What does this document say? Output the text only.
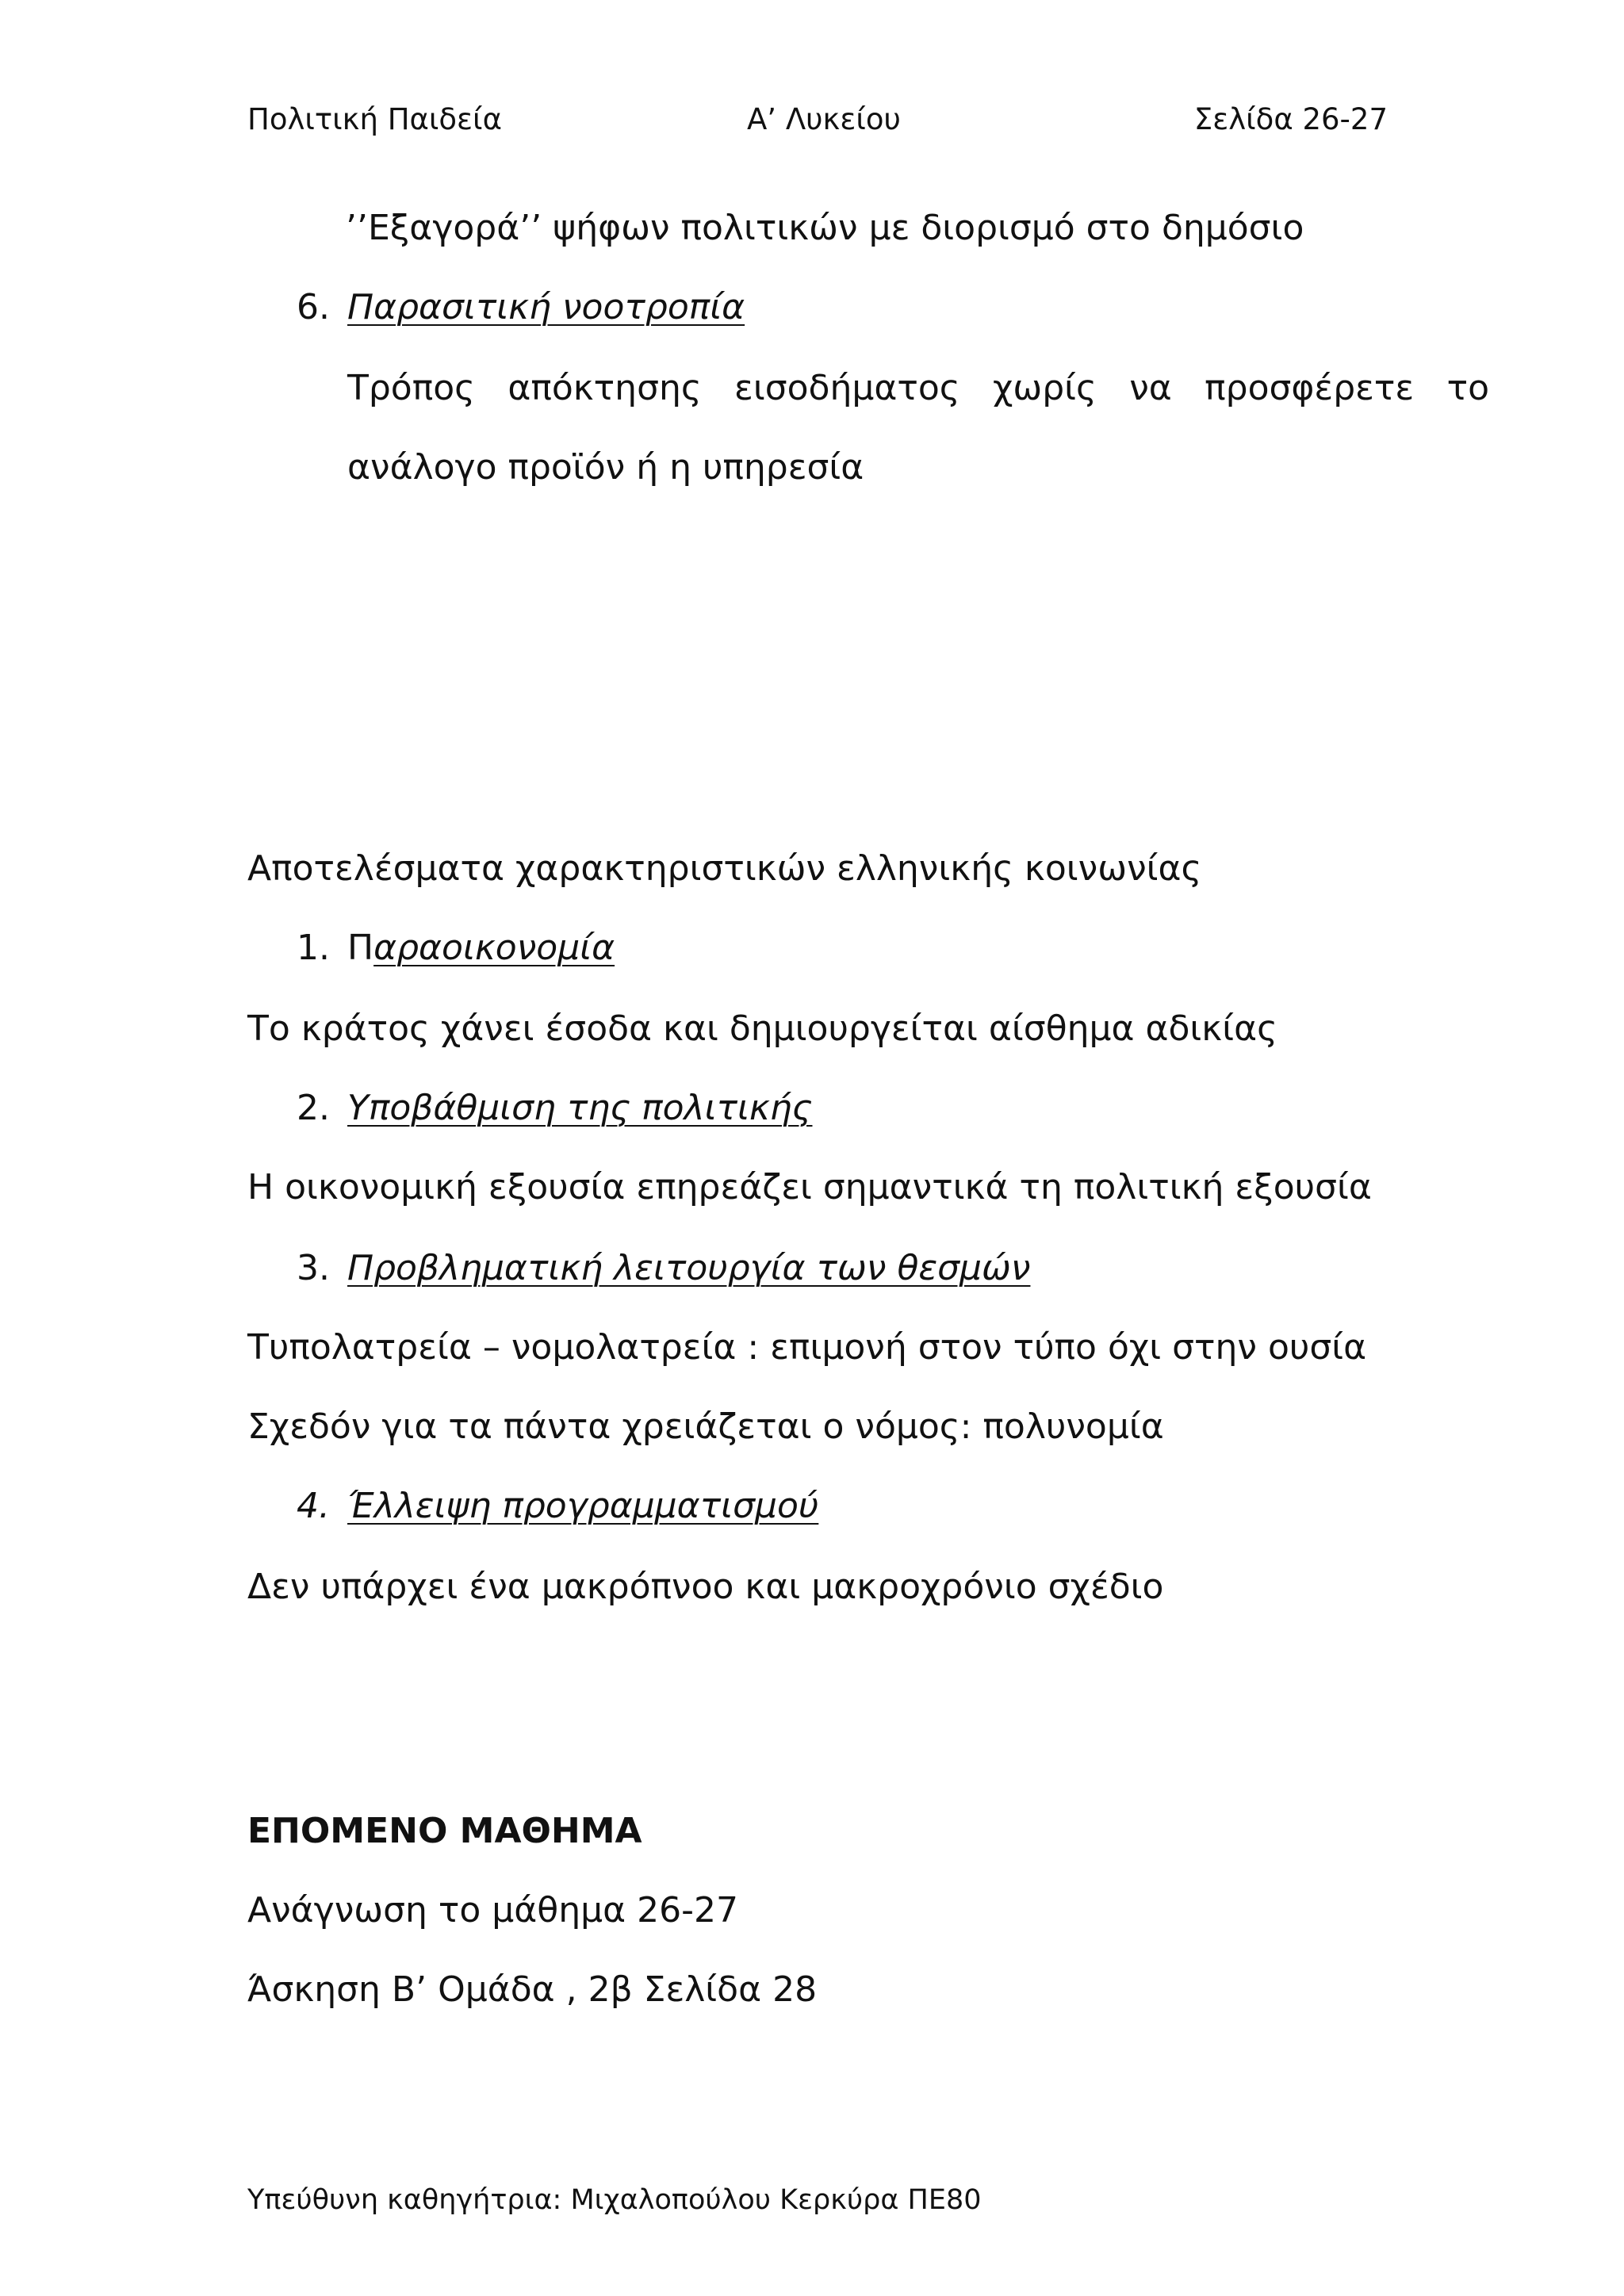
Πολιτική Παιδεία	Α’ Λυκείου	Σελίδα 26-27
’’Εξαγορά’’ ψήφων πολιτικών με διορισμό στο δημόσιο
6. Παρασιτική νοοτροπία
Τρόπος απόκτησης εισοδήματος χωρίς να προσφέρετε το
ανάλογο προϊόν ή η υπηρεσία
Αποτελέσματα χαρακτηριστικών ελληνικής κοινωνίας
1. Παραοικονομία
Το κράτος χάνει έσοδα και δημιουργείται αίσθημα αδικίας
2. Υποβάθμιση της πολιτικής
Η οικονομική εξουσία επηρεάζει σημαντικά τη πολιτική εξουσία
3. Προβληματική λειτουργία των θεσμών
Τυπολατρεία – νομολατρεία : επιμονή στον τύπο όχι στην ουσία
Σχεδόν για τα πάντα χρειάζεται ο νόμος: πολυνομία
4. Έλλειψη προγραμματισμού
Δεν υπάρχει ένα μακρόπνοο και μακροχρόνιο σχέδιο
ΕΠΟΜΕΝΟ ΜΑΘΗΜΑ
Ανάγνωση το μάθημα 26-27
Άσκηση Β’ Ομάδα , 2β Σελίδα 28
Υπεύθυνη καθηγήτρια: Μιχαλοπούλου Κερκύρα ΠΕ80
